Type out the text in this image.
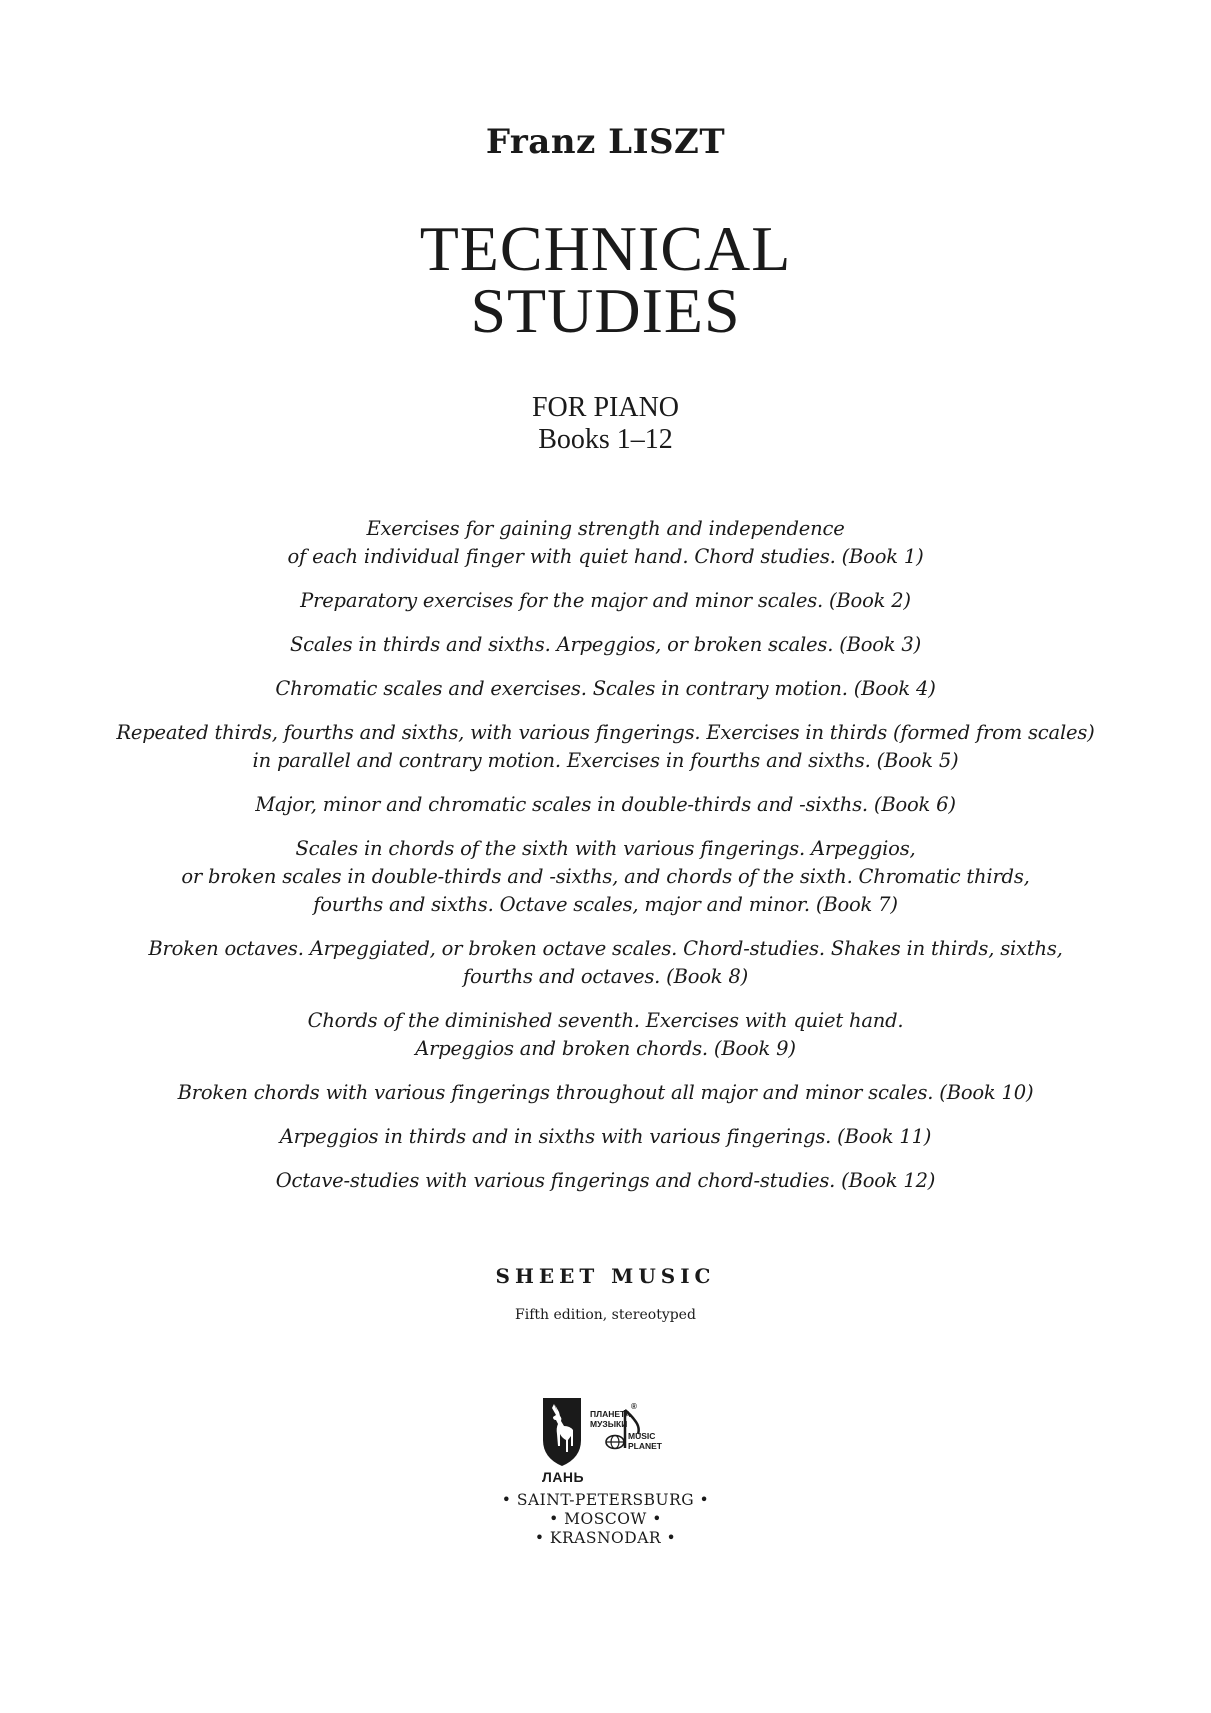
Franz LISZT
TECHNICAL
STUDIES
FOR PIANO
Books 1–12
Exercises for gaining strength and independence
of each individual finger with quiet hand. Chord studies. (Book 1)
Preparatory exercises for the major and minor scales. (Book 2)
Scales in thirds and sixths. Arpeggios, or broken scales. (Book 3)
Chromatic scales and exercises. Scales in contrary motion. (Book 4)
Repeated thirds, fourths and sixths, with various fingerings. Exercises in thirds (formed from scales)
in parallel and contrary motion. Exercises in fourths and sixths. (Book 5)
Major, minor and chromatic scales in double-thirds and -sixths. (Book 6)
Scales in chords of the sixth with various fingerings. Arpeggios,
or broken scales in double-thirds and -sixths, and chords of the sixth. Chromatic thirds,
fourths and sixths. Octave scales, major and minor. (Book 7)
Broken octaves. Arpeggiated, or broken octave scales. Chord-studies. Shakes in thirds, sixths,
fourths and octaves. (Book 8)
Chords of the diminished seventh. Exercises with quiet hand.
Arpeggios and broken chords. (Book 9)
Broken chords with various fingerings throughout all major and minor scales. (Book 10)
Arpeggios in thirds and in sixths with various fingerings. (Book 11)
Octave-studies with various fingerings and chord-studies. (Book 12)
SHEET MUSIC
Fifth edition, stereotyped
ЛАНЬ
ПЛАНЕТА
МУЗЫКИ
®
MUSIC
PLANET
• SAINT-PETERSBURG •
• MOSCOW •
• KRASNODAR •
